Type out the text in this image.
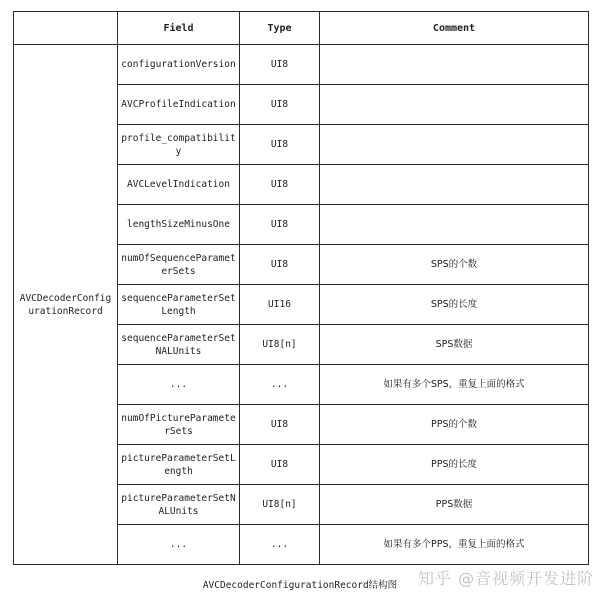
	Field	Type	Comment
AVCDecoderConfigurationRecord	configurationVersion	UI8	
	AVCProfileIndication	UI8	
	profile_compatibility	UI8	
	AVCLevelIndication	UI8	
	lengthSizeMinusOne	UI8	
	numOfSequenceParameterSets	UI8	SPS的个数
	sequenceParameterSetLength	UI16	SPS的长度
	sequenceParameterSetNALUnits	UI8[n]	SPS数据
	...	...	如果有多个SPS，重复上面的格式
	numOfPictureParameterSets	UI8	PPS的个数
	pictureParameterSetLength	UI8	PPS的长度
	pictureParameterSetNALUnits	UI8[n]	PPS数据
	...	...	如果有多个PPS，重复上面的格式
AVCDecoderConfigurationRecord结构图	知乎 @音视频开发进阶
